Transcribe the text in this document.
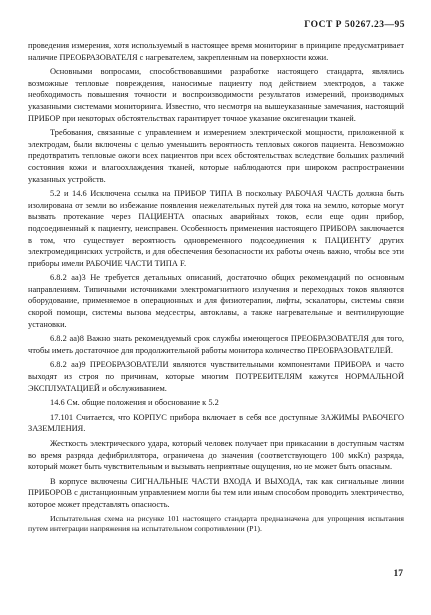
ГОСТ Р 50267.23—95

проведения измерения, хотя используемый в настоящее время мониторинг в принципе предусматривает наличие ПРЕОБРАЗОВАТЕЛЯ с нагревателем, закрепленным на поверхности кожи.

Основными вопросами, способствовавшими разработке настоящего стандарта, являлись возможные тепловые повреждения, наносимые пациенту под действием электродов, а также необходимость повышения точности и воспроизводимости результатов измерений, производимых указанными системами мониторинга. Известно, что несмотря на вышеуказанные замечания, настоящий ПРИБОР при некоторых обстоятельствах гарантирует точное указание оксигенации тканей.

Требования, связанные с управлением и измерением электрической мощности, приложенной к электродам, были включены с целью уменьшить вероятность тепловых ожогов пациента. Невозможно предотвратить тепловые ожоги всех пациентов при всех обстоятельствах вследствие больших различий состояния кожи и влагоохлаждения тканей, которые наблюдаются при широком распространении указанных устройств.

5.2 и 14.6 Исключена ссылка на ПРИБОР ТИПА В поскольку РАБОЧАЯ ЧАСТЬ должна быть изолирована от земли во избежание появления нежелательных путей для тока на землю, которые могут вызвать протекание через ПАЦИЕНТА опасных аварийных токов, если еще один прибор, подсоединенный к пациенту, неисправен. Особенность применения настоящего ПРИБОРА заключается в том, что существует вероятность одновременного подсоединения к ПАЦИЕНТУ других электромедицинских устройств, и для обеспечения безопасности их работы очень важно, чтобы все эти приборы имели РАБОЧИЕ ЧАСТИ ТИПА F.

6.8.2 аа)3 Не требуется детальных описаний, достаточно общих рекомендаций по основным направлениям. Типичными источниками электромагнитного излучения и переходных токов являются оборудование, применяемое в операционных и для физиотерапии, лифты, эскалаторы, системы связи скорой помощи, системы вызова медсестры, автоклавы, а также нагревательные и вентилирующие установки.

6.8.2 аа)8 Важно знать рекомендуемый срок службы имеющегося ПРЕОБРАЗОВАТЕЛЯ для того, чтобы иметь достаточное для продолжительной работы монитора количество ПРЕОБРАЗОВАТЕЛЕЙ.

6.8.2 аа)9 ПРЕОБРАЗОВАТЕЛИ являются чувствительными компонентами ПРИБОРА и часто выходят из строя по причинам, которые многим ПОТРЕБИТЕЛЯМ кажутся НОРМАЛЬНОЙ ЭКСПЛУАТАЦИЕЙ и обслуживанием.

14.6 См. общие положения и обоснование к 5.2

17.101 Считается, что КОРПУС прибора включает в себя все доступные ЗАЖИМЫ РАБОЧЕГО ЗАЗЕМЛЕНИЯ.

Жесткость электрического удара, который человек получает при прикасании в доступным частям во время разряда дефибриллятора, ограничена до значения (соответствующего 100 мкКл) разряда, который может быть чувствительным и вызывать неприятные ощущения, но не может быть опасным.

В корпусе включены СИГНАЛЬНЫЕ ЧАСТИ ВХОДА И ВЫХОДА, так как сигнальные линии ПРИБОРОВ с дистанционным управлением могли бы тем или иным способом проводить электричество, которое может представлять опасность.

Испытательная схема на рисунке 101 настоящего стандарта предназначена для упрощения испытания путем интеграции напряжения на испытательном сопротивлении (Р1).

17
